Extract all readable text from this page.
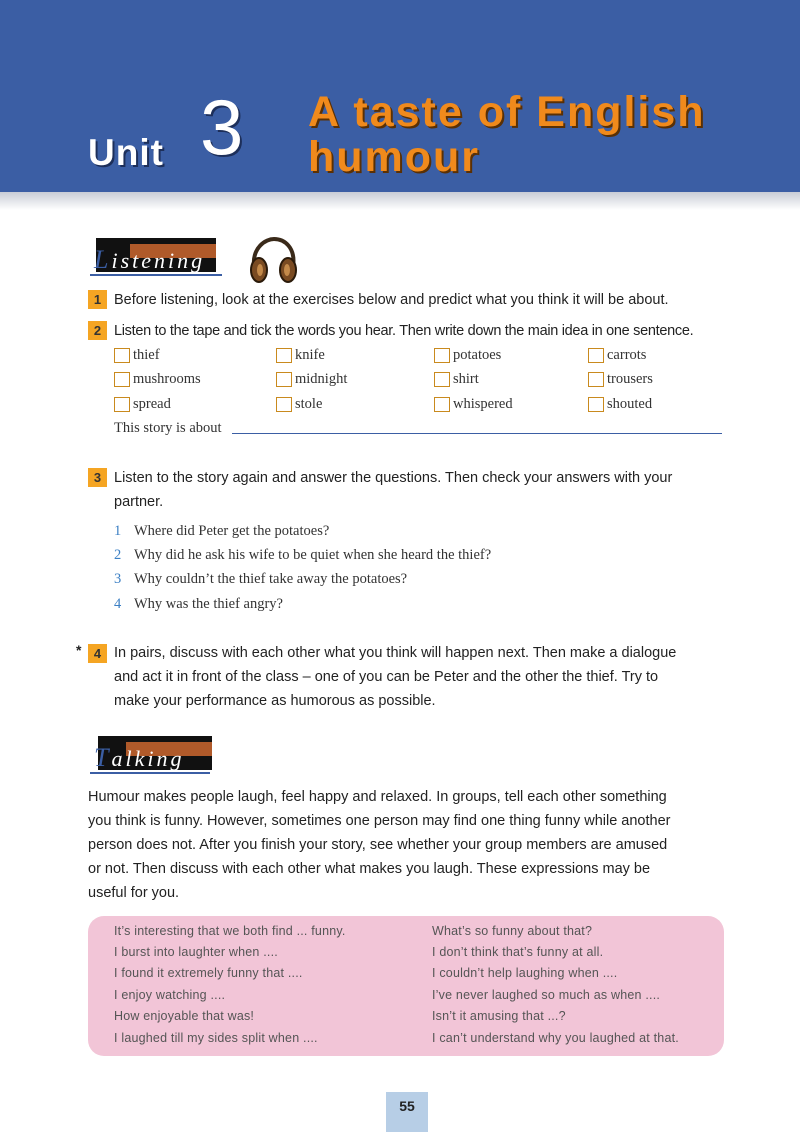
Unit 3 A taste of English
humour
Listening
1 Before listening, look at the exercises below and predict what you think it will be about.
2 Listen to the tape and tick the words you hear. Then write down the main idea in one sentence.
thief	knife	potatoes	carrots
mushrooms	midnight	shirt	trousers
spread	stole	whispered	shouted
This story is about
3 Listen to the story again and answer the questions. Then check your answers with your
partner.
1 Where did Peter get the potatoes?
2 Why did he ask his wife to be quiet when she heard the thief?
3 Why couldn’t the thief take away the potatoes?
4 Why was the thief angry?
* 4 In pairs, discuss with each other what you think will happen next. Then make a dialogue
and act it in front of the class – one of you can be Peter and the other the thief. Try to
make your performance as humorous as possible.
Talking
Humour makes people laugh, feel happy and relaxed. In groups, tell each other something
you think is funny. However, sometimes one person may find one thing funny while another
person does not. After you finish your story, see whether your group members are amused
or not. Then discuss with each other what makes you laugh. These expressions may be
useful for you.
It’s interesting that we both find ... funny.
I burst into laughter when ....
I found it extremely funny that ....
I enjoy watching ....
How enjoyable that was!
I laughed till my sides split when ....
What’s so funny about that?
I don’t think that’s funny at all.
I couldn’t help laughing when ....
I’ve never laughed so much as when ....
Isn’t it amusing that ...?
I can’t understand why you laughed at that.
55
